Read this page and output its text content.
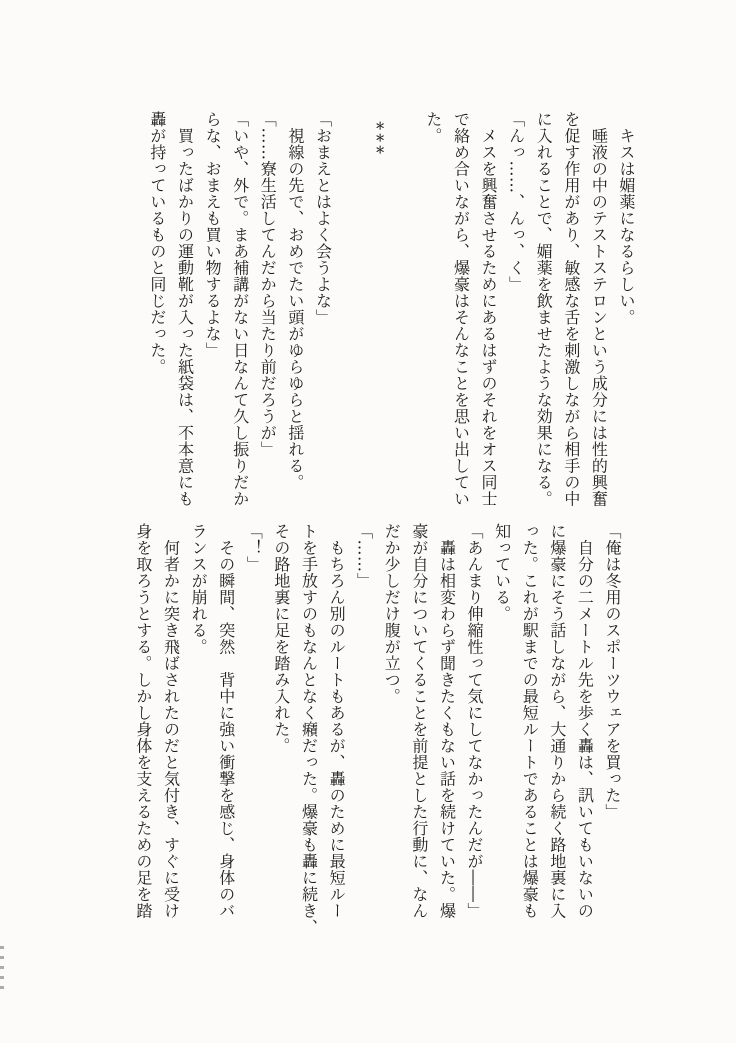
　キスは媚薬になるらしい。

　唾液の中のテストステロンという成分には性的興奮

を促す作用があり、敏感な舌を刺激しながら相手の中

に入れることで、媚薬を飲ませたような効果になる。

「んっ……、んっ、く」

　メスを興奮させるためにあるはずのそれをオス同士

で絡め合いながら、爆豪はそんなことを思い出してい

た。

＊＊＊

「おまえとはよく会うよな」

　視線の先で、おめでたい頭がゆらゆらと揺れる。

「……寮生活してんだから当たり前だろうが」

「いや、外で。まあ補講がない日なんて久し振りだか

らな、おまえも買い物するよな」

　買ったばかりの運動靴が入った紙袋は、不本意にも

轟が持っているものと同じだった。

「俺は冬用のスポーツウェアを買った」

　自分の二メートル先を歩く轟は、訊いてもいないの

に爆豪にそう話しながら、大通りから続く路地裏に入

った。これが駅までの最短ルートであることは爆豪も

知っている。

「あんまり伸縮性って気にしてなかったんだが――」

　轟は相変わらず聞きたくもない話を続けていた。爆

豪が自分についてくることを前提とした行動に、なん

だか少しだけ腹が立つ。

「……」

　もちろん別のルートもあるが、轟のために最短ルー

トを手放すのもなんとなく癪だった。爆豪も轟に続き、

その路地裏に足を踏み入れた。

「！」

　その瞬間、突然　背中に強い衝撃を感じ、身体のバ

ランスが崩れる。

　何者かに突き飛ばされたのだと気付き、すぐに受け

身を取ろうとする。しかし身体を支えるための足を踏
